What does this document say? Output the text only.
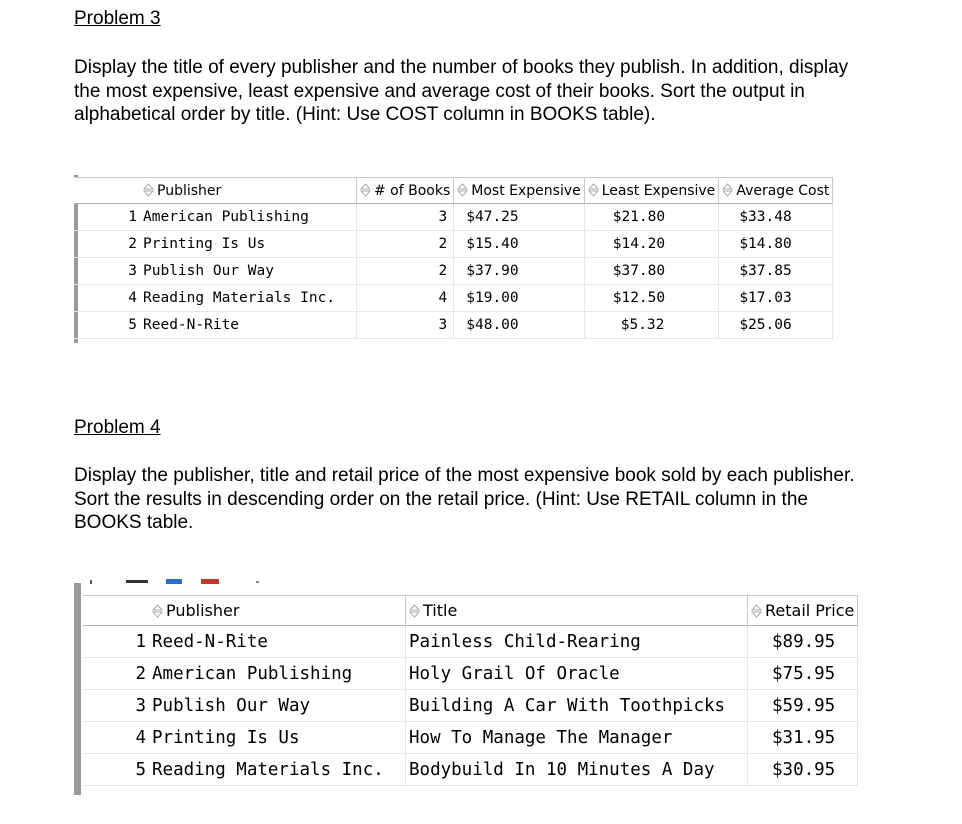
Problem 3
Display the title of every publisher and the number of books they publish. In addition, display the most expensive, least expensive and average cost of their books. Sort the output in alphabetical order by title. (Hint: Use COST column in BOOKS table).
	Publisher	# of Books	Most Expensive	Least Expensive	Average Cost
1	American Publishing	3	$47.25	$21.80	$33.48
2	Printing Is Us	2	$15.40	$14.20	$14.80
3	Publish Our Way	2	$37.90	$37.80	$37.85
4	Reading Materials Inc.	4	$19.00	$12.50	$17.03
5	Reed-N-Rite	3	$48.00	$5.32	$25.06
Problem 4
Display the publisher, title and retail price of the most expensive book sold by each publisher. Sort the results in descending order on the retail price. (Hint: Use RETAIL column in the BOOKS table.
	Publisher	Title	Retail Price
1	Reed-N-Rite	Painless Child-Rearing	$89.95
2	American Publishing	Holy Grail Of Oracle	$75.95
3	Publish Our Way	Building A Car With Toothpicks	$59.95
4	Printing Is Us	How To Manage The Manager	$31.95
5	Reading Materials Inc.	Bodybuild In 10 Minutes A Day	$30.95
